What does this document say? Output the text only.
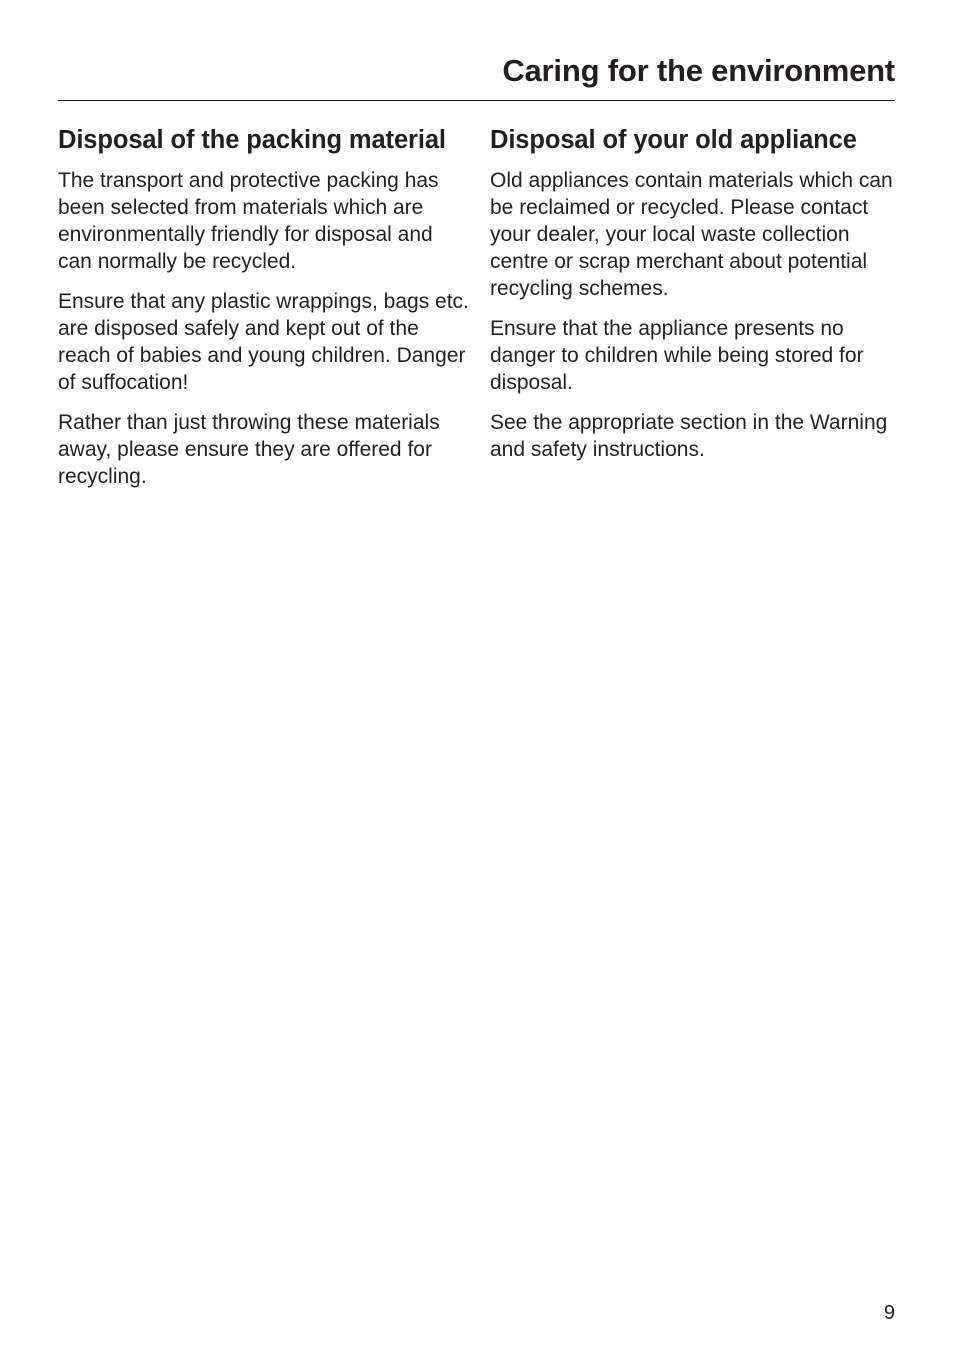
Caring for the environment
Disposal of the packing material

The transport and protective packing has been selected from materials which are environmentally friendly for disposal and can normally be recycled.

Ensure that any plastic wrappings, bags etc. are disposed safely and kept out of the reach of babies and young children. Danger of suffocation!

Rather than just throwing these materials away, please ensure they are offered for recycling.

Disposal of your old appliance

Old appliances contain materials which can be reclaimed or recycled. Please contact your dealer, your local waste collection centre or scrap merchant about potential recycling schemes.

Ensure that the appliance presents no danger to children while being stored for disposal.

See the appropriate section in the Warning and safety instructions.

9
